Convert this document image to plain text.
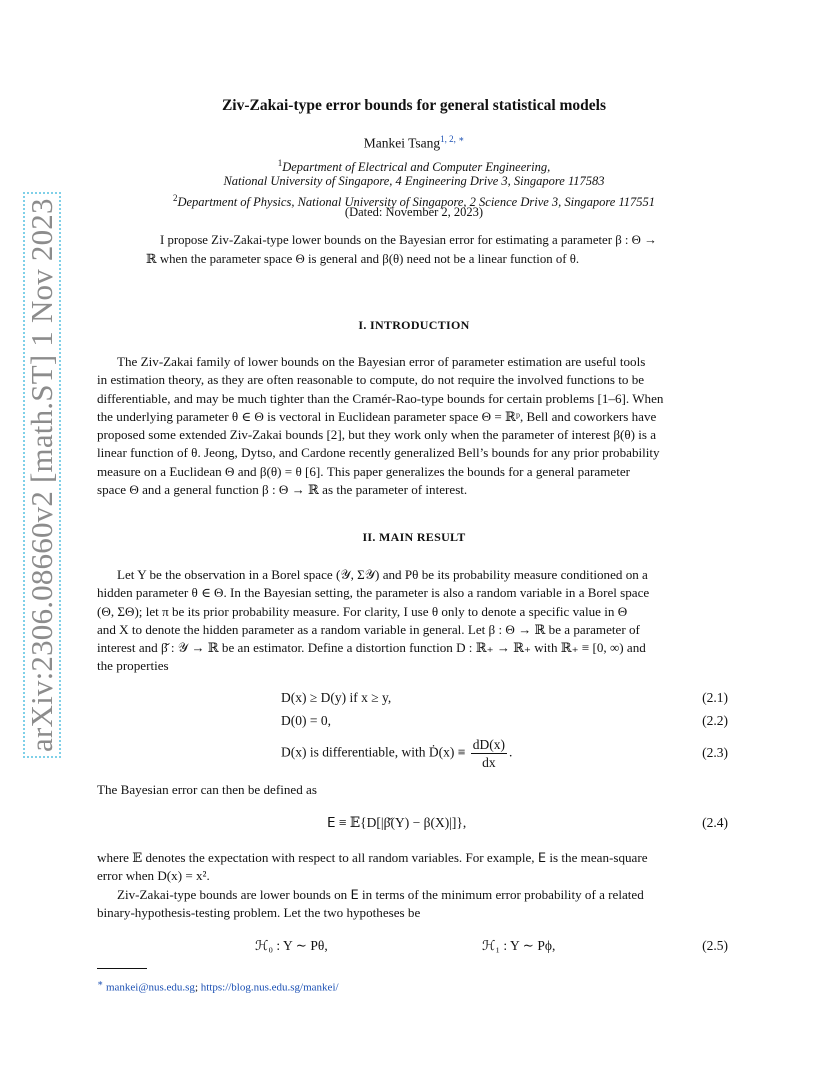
arXiv:2306.08660v2 [math.ST] 1 Nov 2023
Ziv-Zakai-type error bounds for general statistical models
Mankei Tsang$^{1, 2, ∗}$
$^1$Department of Electrical and Computer Engineering,
National University of Singapore, 4 Engineering Drive 3, Singapore 117583
$^2$Department of Physics, National University of Singapore, 2 Science Drive 3, Singapore 117551
(Dated: November 2, 2023)

I propose Ziv-Zakai-type lower bounds on the Bayesian error for estimating a parameter β : Θ →

ℝ when the parameter space Θ is general and β(θ) need not be a linear function of θ.
I. INTRODUCTION
The Ziv-Zakai family of lower bounds on the Bayesian error of parameter estimation are useful tools
in estimation theory, as they are often reasonable to compute, do not require the involved functions to be
differentiable, and may be much tighter than the Cramér-Rao-type bounds for certain problems [1–6]. When
the underlying parameter θ ∈ Θ is vectoral in Euclidean parameter space Θ = ℝᵖ, Bell and coworkers have
proposed some extended Ziv-Zakai bounds [2], but they work only when the parameter of interest β(θ) is a
linear function of θ. Jeong, Dytso, and Cardone recently generalized Bell’s bounds for any prior probability
measure on a Euclidean Θ and β(θ) = θ [6]. This paper generalizes the bounds for a general parameter
space Θ and a general function β : Θ → ℝ as the parameter of interest.
II. MAIN RESULT
Let Y be the observation in a Borel space (𝒴, Σ𝒴) and Pθ be its probability measure conditioned on a
hidden parameter θ ∈ Θ. In the Bayesian setting, the parameter is also a random variable in a Borel space
(Θ, ΣΘ); let π be its prior probability measure. For clarity, I use θ only to denote a specific value in Θ
and X to denote the hidden parameter as a random variable in general. Let β : Θ → ℝ be a parameter of
interest and β̌ : 𝒴 → ℝ be an estimator. Define a distortion function D : ℝ₊ → ℝ₊ with ℝ₊ ≡ [0, ∞) and
the properties
D(x) ≥ D(y) if x ≥ y,	(2.1)
D(0) = 0,	(2.2)
D(x) is differentiable, with Ḋ(x) ≡ $\frac{dD(x)}{dx}$ .	(2.3)
The Bayesian error can then be defined as
𝖤 ≡ 𝔼{D[|β̌(Y) − β(X)|]},	(2.4)
where 𝔼 denotes the expectation with respect to all random variables. For example, 𝖤 is the mean-square
error when D(x) = x².
Ziv-Zakai-type bounds are lower bounds on 𝖤 in terms of the minimum error probability of a related
binary-hypothesis-testing problem. Let the two hypotheses be
ℋ₀ : Y ∼ Pθ,	ℋ₁ : Y ∼ Pϕ,	(2.5)
∗ mankei@nus.edu.sg; https://blog.nus.edu.sg/mankei/
